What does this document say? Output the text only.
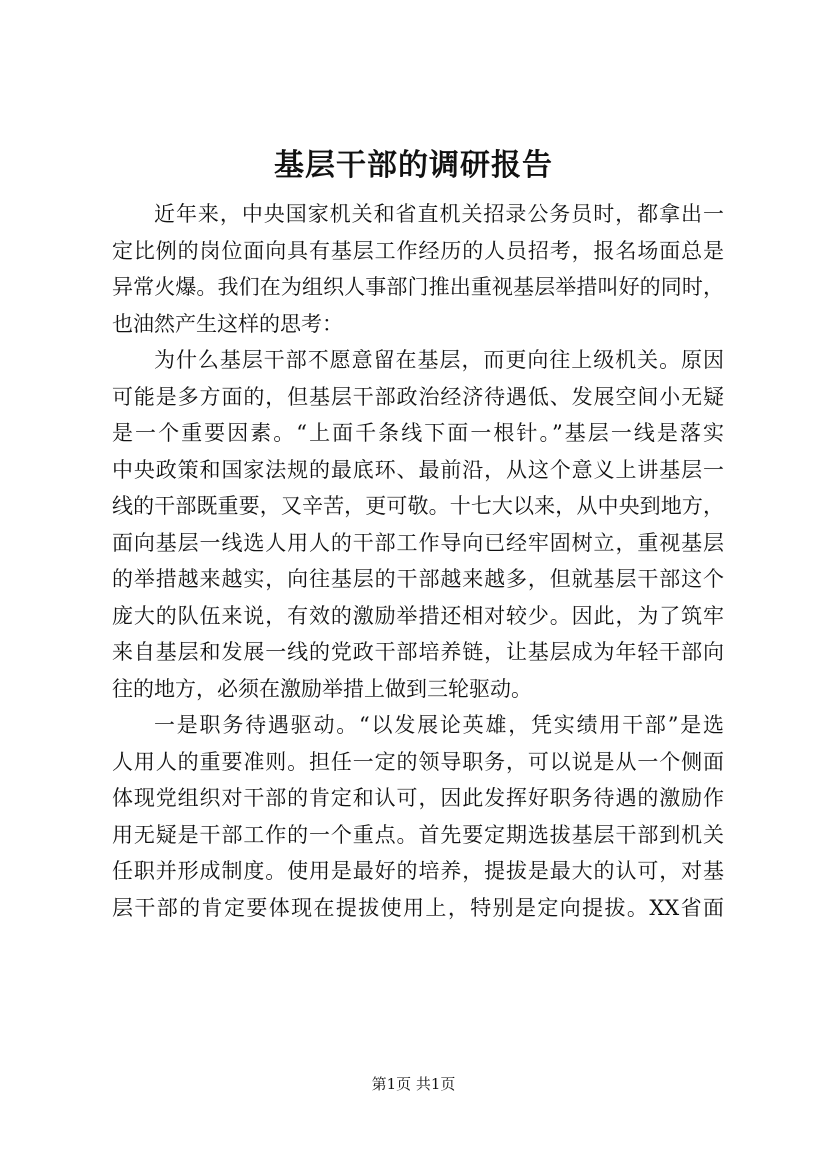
基层干部的调研报告
近年来，中央国家机关和省直机关招录公务员时，都拿出一
定比例的岗位面向具有基层工作经历的人员招考，报名场面总是
异常火爆。我们在为组织人事部门推出重视基层举措叫好的同时，
也油然产生这样的思考：
为什么基层干部不愿意留在基层，而更向往上级机关。原因
可能是多方面的，但基层干部政治经济待遇低、发展空间小无疑
是一个重要因素。“上面千条线下面一根针。”基层一线是落实
中央政策和国家法规的最底环、最前沿，从这个意义上讲基层一
线的干部既重要，又辛苦，更可敬。十七大以来，从中央到地方，
面向基层一线选人用人的干部工作导向已经牢固树立，重视基层
的举措越来越实，向往基层的干部越来越多，但就基层干部这个
庞大的队伍来说，有效的激励举措还相对较少。因此，为了筑牢
来自基层和发展一线的党政干部培养链，让基层成为年轻干部向
往的地方，必须在激励举措上做到三轮驱动。
一是职务待遇驱动。“以发展论英雄，凭实绩用干部”是选
人用人的重要准则。担任一定的领导职务，可以说是从一个侧面
体现党组织对干部的肯定和认可，因此发挥好职务待遇的激励作
用无疑是干部工作的一个重点。首先要定期选拔基层干部到机关
任职并形成制度。使用是最好的培养，提拔是最大的认可，对基
层干部的肯定要体现在提拔使用上，特别是定向提拔。XX省面
第1页 共1页
